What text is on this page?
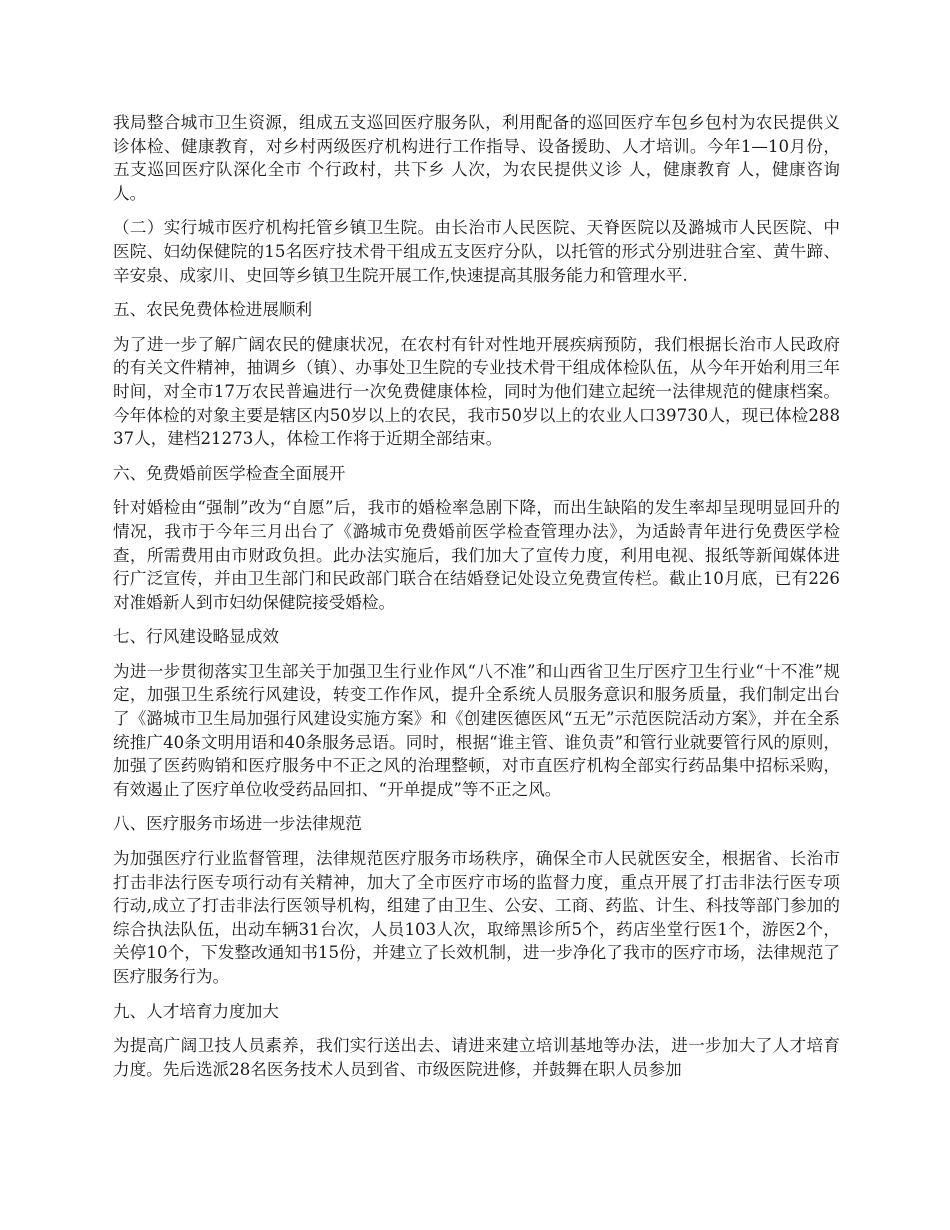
我局整合城市卫生资源，组成五支巡回医疗服务队，利用配备的巡回医疗车包乡包村为农民提供义诊体检、健康教育，对乡村两级医疗机构进行工作指导、设备援助、人才培训。今年1—10月份，五支巡回医疗队深化全市 个行政村，共下乡 人次，为农民提供义诊 人，健康教育 人，健康咨询 人。

（二）实行城市医疗机构托管乡镇卫生院。由长治市人民医院、天脊医院以及潞城市人民医院、中医院、妇幼保健院的15名医疗技术骨干组成五支医疗分队，以托管的形式分别进驻合室、黄牛蹄、辛安泉、成家川、史回等乡镇卫生院开展工作,快速提高其服务能力和管理水平.

五、农民免费体检进展顺利

为了进一步了解广阔农民的健康状况，在农村有针对性地开展疾病预防，我们根据长治市人民政府的有关文件精神，抽调乡（镇）、办事处卫生院的专业技术骨干组成体检队伍，从今年开始利用三年时间，对全市17万农民普遍进行一次免费健康体检，同时为他们建立起统一法律规范的健康档案。今年体检的对象主要是辖区内50岁以上的农民，我市50岁以上的农业人口39730人，现已体检28837人，建档21273人，体检工作将于近期全部结束。

六、免费婚前医学检查全面展开

针对婚检由“强制”改为“自愿”后，我市的婚检率急剧下降，而出生缺陷的发生率却呈现明显回升的情况，我市于今年三月出台了《潞城市免费婚前医学检查管理办法》，为适龄青年进行免费医学检查，所需费用由市财政负担。此办法实施后，我们加大了宣传力度，利用电视、报纸等新闻媒体进行广泛宣传，并由卫生部门和民政部门联合在结婚登记处设立免费宣传栏。截止10月底，已有226对准婚新人到市妇幼保健院接受婚检。

七、行风建设略显成效

为进一步贯彻落实卫生部关于加强卫生行业作风“八不准”和山西省卫生厅医疗卫生行业“十不准”规定，加强卫生系统行风建设，转变工作作风，提升全系统人员服务意识和服务质量，我们制定出台了《潞城市卫生局加强行风建设实施方案》和《创建医德医风“五无”示范医院活动方案》，并在全系统推广40条文明用语和40条服务忌语。同时，根据“谁主管、谁负责”和管行业就要管行风的原则，加强了医药购销和医疗服务中不正之风的治理整顿，对市直医疗机构全部实行药品集中招标采购，有效遏止了医疗单位收受药品回扣、“开单提成”等不正之风。

八、医疗服务市场进一步法律规范

为加强医疗行业监督管理，法律规范医疗服务市场秩序，确保全市人民就医安全，根据省、长治市打击非法行医专项行动有关精神，加大了全市医疗市场的监督力度，重点开展了打击非法行医专项行动,成立了打击非法行医领导机构，组建了由卫生、公安、工商、药监、计生、科技等部门参加的综合执法队伍，出动车辆31台次，人员103人次，取缔黑诊所5个，药店坐堂行医1个，游医2个，关停10个，下发整改通知书15份，并建立了长效机制，进一步净化了我市的医疗市场，法律规范了医疗服务行为。

九、人才培育力度加大

为提高广阔卫技人员素养，我们实行送出去、请进来建立培训基地等办法，进一步加大了人才培育力度。先后选派28名医务技术人员到省、市级医院进修，并鼓舞在职人员参加
